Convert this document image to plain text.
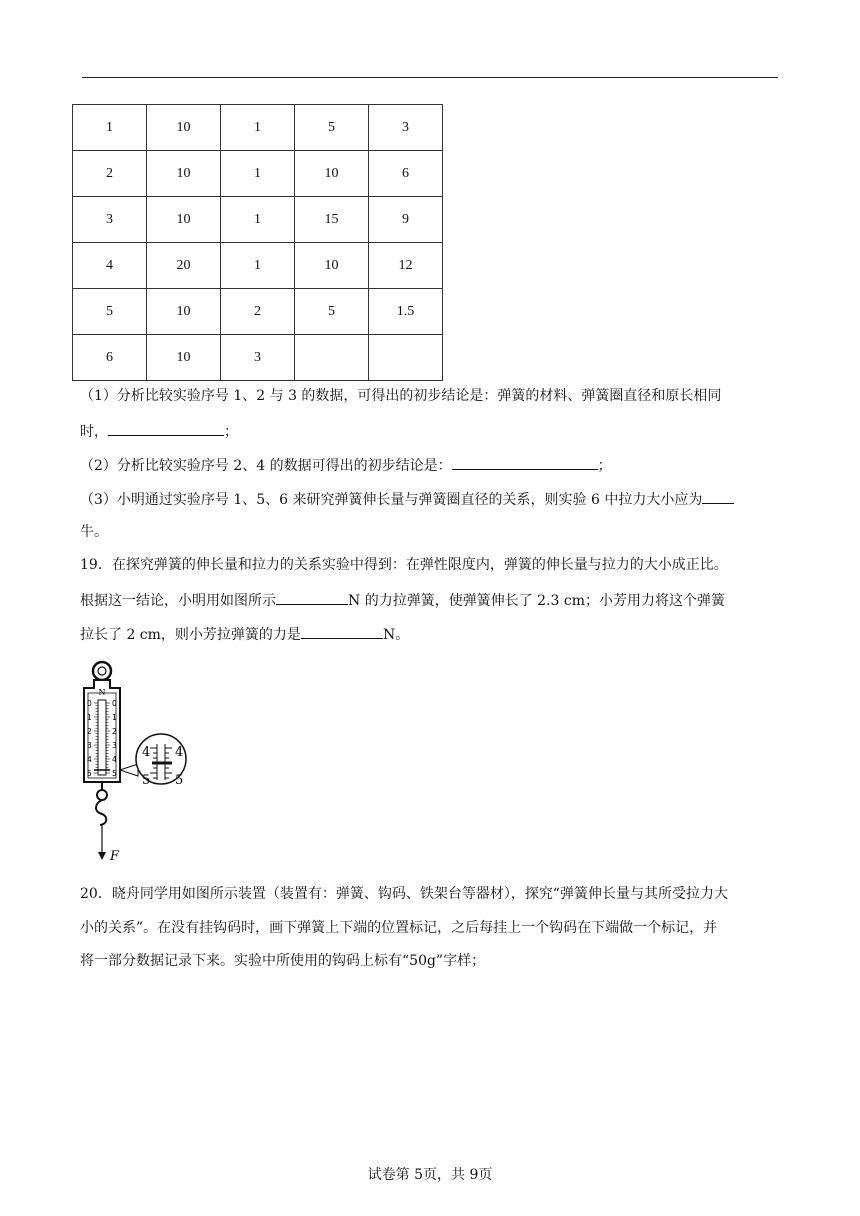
1	10	1	5	3
2	10	1	10	6
3	10	1	15	9
4	20	1	10	12
5	10	2	5	1.5
6	10	3		
（1）分析比较实验序号 1、2 与 3 的数据，可得出的初步结论是：弹簧的材料、弹簧圈直径和原长相同
时，	；
（2）分析比较实验序号 2、4 的数据可得出的初步结论是：	；
（3）小明通过实验序号 1、5、6 来研究弹簧伸长量与弹簧圈直径的关系，则实验 6 中拉力大小应为
牛。
19．在探究弹簧的伸长量和拉力的关系实验中得到：在弹性限度内，弹簧的伸长量与拉力的大小成正比。
根据这一结论，小明用如图所示	N 的力拉弹簧，使弹簧伸长了 2.3 cm；小芳用力将这个弹簧
拉长了 2 cm，则小芳拉弹簧的力是	N。
N
0	0
1	1
2	2
3	3
4	4
5	5
4 4
5 5
F
20．晓舟同学用如图所示装置（装置有：弹簧、钩码、铁架台等器材），探究“弹簧伸长量与其所受拉力大
小的关系”。在没有挂钩码时，画下弹簧上下端的位置标记，之后每挂上一个钩码在下端做一个标记，并
将一部分数据记录下来。实验中所使用的钩码上标有“50g”字样；
试卷第 5页，共 9页
